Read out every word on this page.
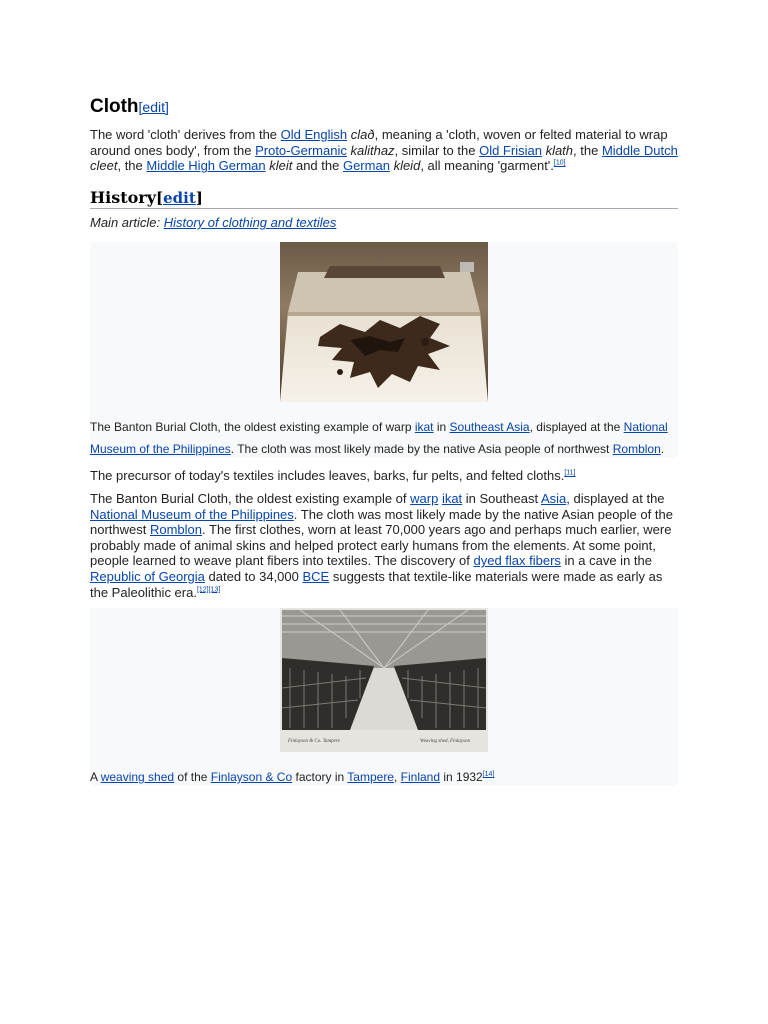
Cloth[edit]

The word 'cloth' derives from the Old English clað, meaning a 'cloth, woven or felted material to wrap around ones body', from the Proto-Germanic kalithaz, similar to the Old Frisian klath, the Middle Dutch cleet, the Middle High German kleit and the German kleid, all meaning 'garment'.[10]

History[edit]

Main article: History of clothing and textiles

The Banton Burial Cloth, the oldest existing example of warp ikat in Southeast Asia, displayed at the National Museum of the Philippines. The cloth was most likely made by the native Asia people of northwest Romblon.

The precursor of today's textiles includes leaves, barks, fur pelts, and felted cloths.[11]

The Banton Burial Cloth, the oldest existing example of warp ikat in Southeast Asia, displayed at the National Museum of the Philippines. The cloth was most likely made by the native Asian people of the northwest Romblon. The first clothes, worn at least 70,000 years ago and perhaps much earlier, were probably made of animal skins and helped protect early humans from the elements. At some point, people learned to weave plant fibers into textiles. The discovery of dyed flax fibers in a cave in the Republic of Georgia dated to 34,000 BCE suggests that textile-like materials were made as early as the Paleolithic era.[12][13]

Finlayson & Co. Tampere	Weaving shed, Finlayson
A weaving shed of the Finlayson & Co factory in Tampere, Finland in 1932[14]
